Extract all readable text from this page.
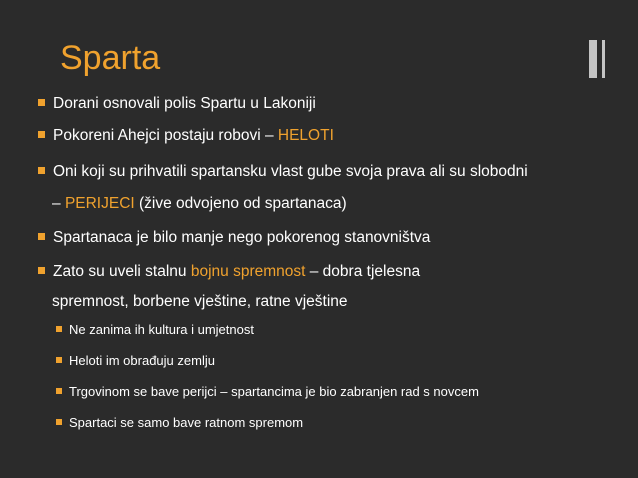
Sparta
Dorani osnovali polis Spartu u Lakoniji
Pokoreni Ahejci postaju robovi – HELOTI
Oni koji su prihvatili spartansku vlast gube svoja prava ali su slobodni
– PERIJECI (žive odvojeno od spartanaca)
Spartanaca je bilo manje nego pokorenog stanovništva
Zato su uveli stalnu bojnu spremnost – dobra tjelesna
spremnost, borbene vještine, ratne vještine
Ne zanima ih kultura i umjetnost
Heloti im obrađuju zemlju
Trgovinom se bave perijci – spartancima je bio zabranjen rad s novcem
Spartaci se samo bave ratnom spremom
